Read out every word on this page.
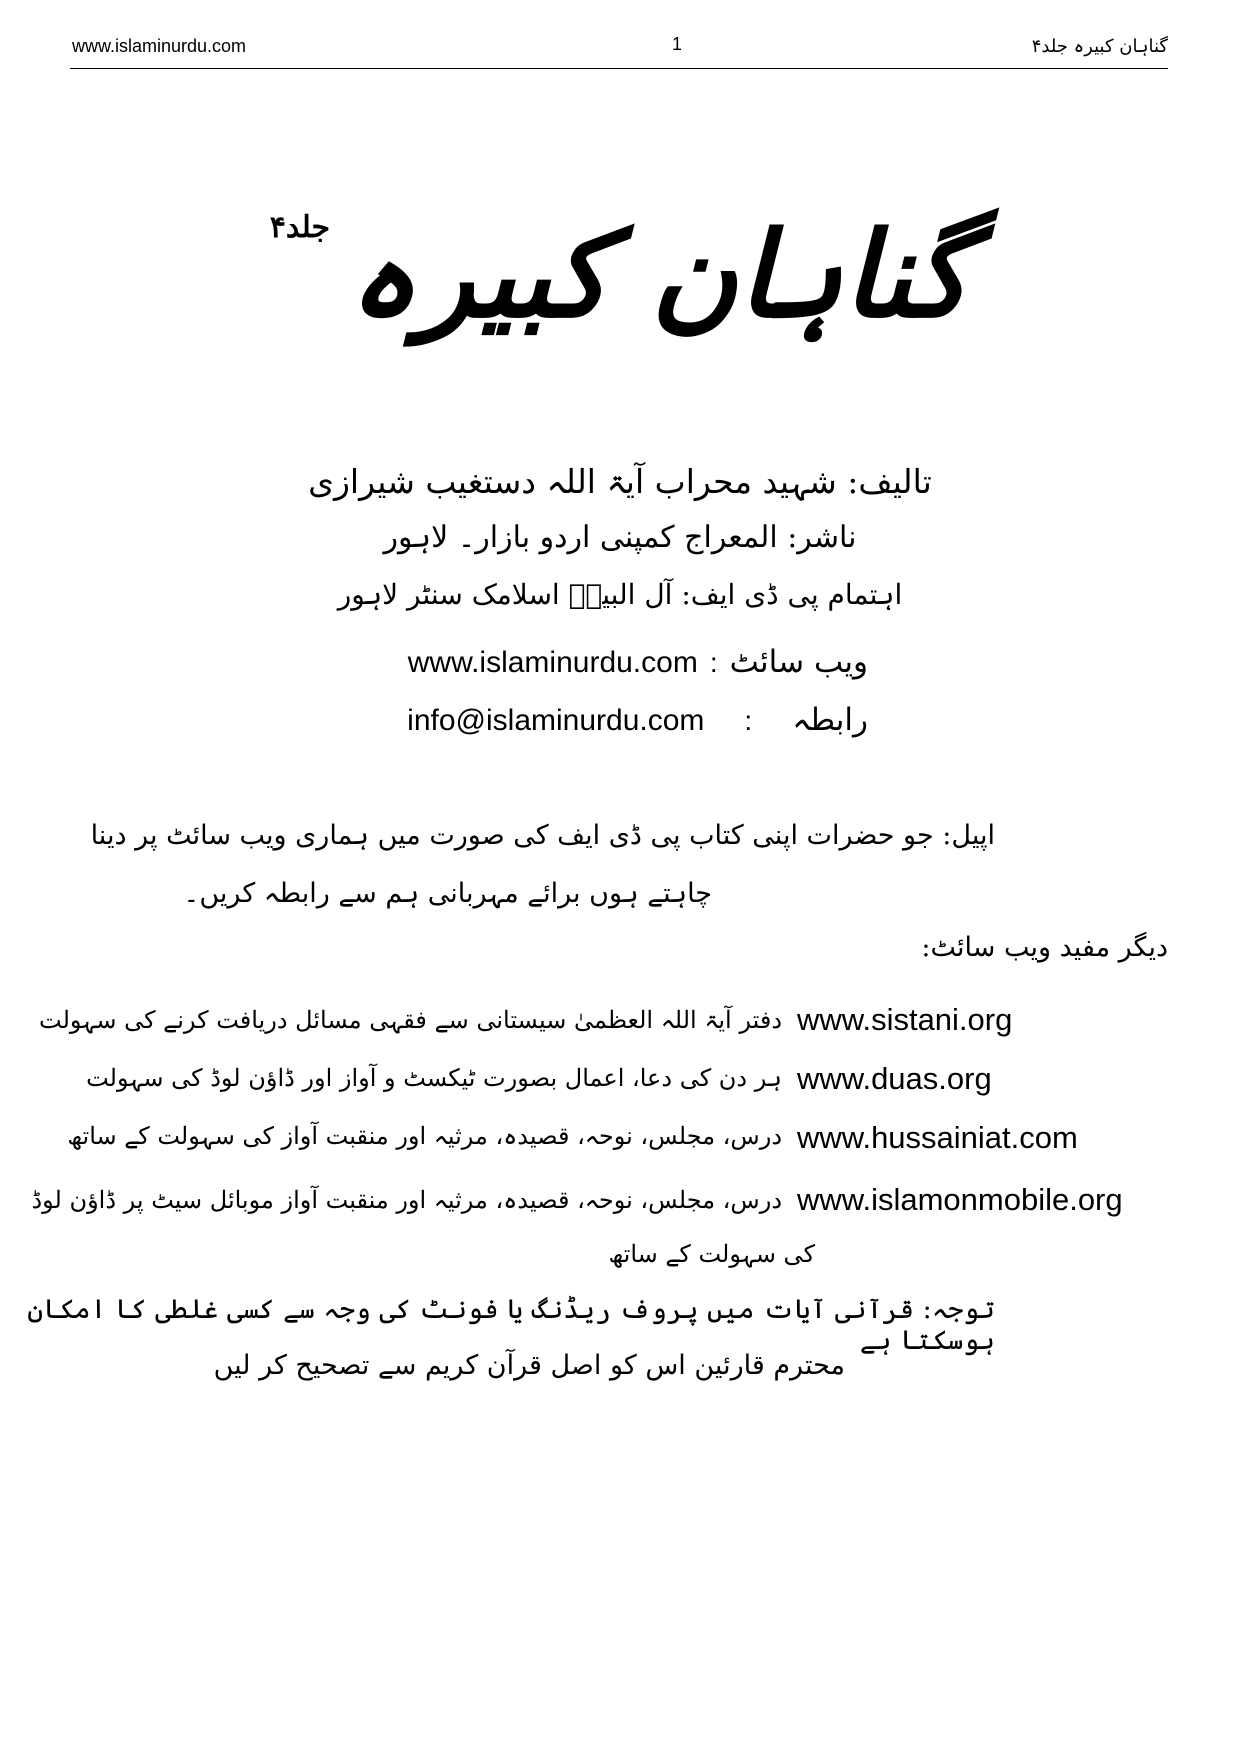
www.islaminurdu.com	1	گناہان کبیرہ جلد۴
گناہان کبیرہ
جلد۴
تالیف: شہید محراب آیۃ اللہ دستغیب شیرازی
ناشر: المعراج کمپنی اردو بازار۔ لاہور
اہتمام پی ڈی ایف: آل البیتؑ اسلامک سنٹر لاہور
ویب سائٹ
:
www.islaminurdu.com
رابطہ
:
info@islaminurdu.com
اپیل: جو حضرات اپنی کتاب پی ڈی ایف کی صورت میں ہماری ویب سائٹ پر دینا
چاہتے ہوں برائے مہربانی ہم سے رابطہ کریں۔
دیگر مفید ویب سائٹ:
www.sistani.org
دفتر آیۃ اللہ العظمیٰ سیستانی سے فقہی مسائل دریافت کرنے کی سہولت
www.duas.org
ہر دن کی دعا، اعمال بصورت ٹیکسٹ و آواز اور ڈاؤن لوڈ کی سہولت
www.hussainiat.com
درس، مجلس، نوحہ، قصیدہ، مرثیہ اور منقبت آواز کی سہولت کے ساتھ
www.islamonmobile.org
درس، مجلس، نوحہ، قصیدہ، مرثیہ اور منقبت آواز موبائل سیٹ پر ڈاؤن لوڈ
کی سہولت کے ساتھ
توجہ: قرآنی آیات میں پروف ریڈنگ یا فونٹ کی وجہ سے کسی غلطی کا امکان ہوسکتا ہے
محترم قارئین اس کو اصل قرآن کریم سے تصحیح کر لیں
